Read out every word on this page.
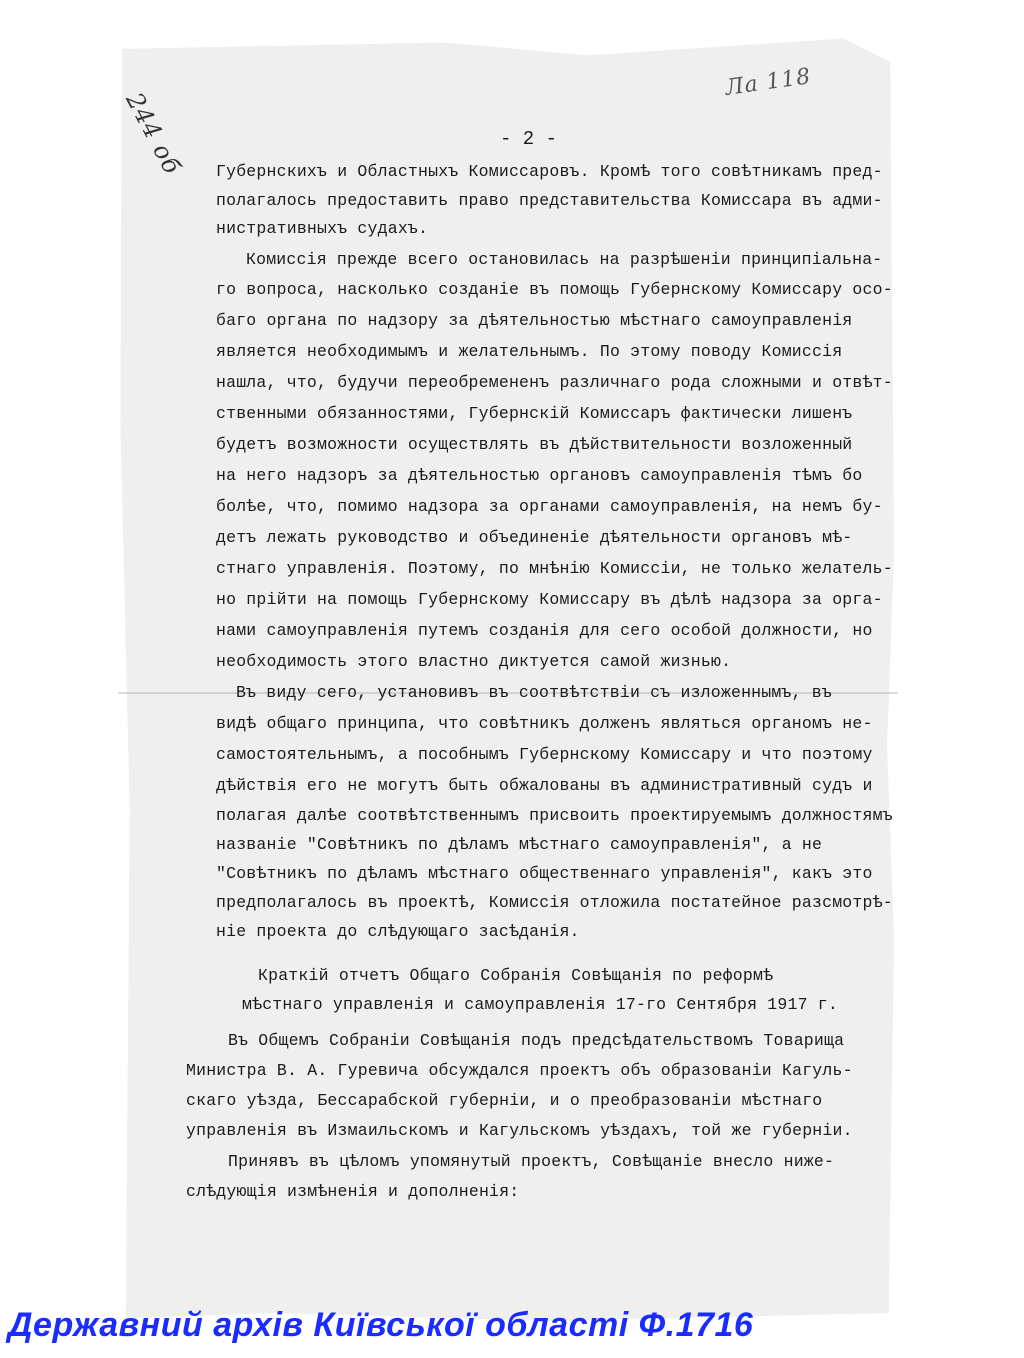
244 об
Ла 118
- 2 -
Губернскихъ и Областныхъ Комиссаровъ. Кромѣ того совѣтникамъ пред-
полагалось предоставить право представительства Комиссара въ адми-
нистративныхъ судахъ.
Комиссія прежде всего остановилась на разрѣшеніи принципіальна-
го вопроса, насколько созданіе въ помощь Губернскому Комиссару осо-
баго органа по надзору за дѣятельностью мѣстнаго самоуправленія
является необходимымъ и желательнымъ. По этому поводу Комиссія
нашла, что, будучи переобремененъ различнаго рода сложными и отвѣт-
ственными обязанностями, Губернскій Комиссаръ фактически лишенъ
будетъ возможности осуществлять въ дѣйствительности возложенный
на него надзоръ за дѣятельностью органовъ самоуправленія тѣмъ бо
болѣе, что, помимо надзора за органами самоуправленія, на немъ бу-
детъ лежать руководство и объединеніе дѣятельности органовъ мѣ-
стнаго управленія. Поэтому, по мнѣнію Комиссіи, не только желатель-
но прійти на помощь Губернскому Комиссару въ дѣлѣ надзора за орга-
нами самоуправленія путемъ созданія для сего особой должности, но
необходимость этого властно диктуется самой жизнью.
Въ виду сего, установивъ въ соотвѣтствіи съ изложеннымъ, въ
видѣ общаго принципа, что совѣтникъ долженъ являться органомъ не-
самостоятельнымъ, а пособнымъ Губернскому Комиссару и что поэтому
дѣйствія его не могутъ быть обжалованы въ административный судъ и
полагая далѣе соотвѣтственнымъ присвоить проектируемымъ должностямъ
названіе "Совѣтникъ по дѣламъ мѣстнаго самоуправленія", а не
"Совѣтникъ по дѣламъ мѣстнаго общественнаго управленія", какъ это
предполагалось въ проектѣ, Комиссія отложила постатейное разсмотрѣ-
ніе проекта до слѣдующаго засѣданія.
Краткій отчетъ Общаго Собранія Совѣщанія по реформѣ
мѣстнаго управленія и самоуправленія 17-го Сентября 1917 г.
Въ Общемъ Собраніи Совѣщанія подъ предсѣдательствомъ Товарища
Министра В. А. Гуревича обсуждался проектъ объ образованіи Кагуль-
скаго уѣзда, Бессарабской губерніи, и о преобразованіи мѣстнаго
управленія въ Измаильскомъ и Кагульскомъ уѣздахъ, той же губерніи.
Принявъ въ цѣломъ упомянутый проектъ, Совѣщаніе внесло ниже-
слѣдующія измѣненія и дополненія:
Державний архів Київської області Ф.1716
